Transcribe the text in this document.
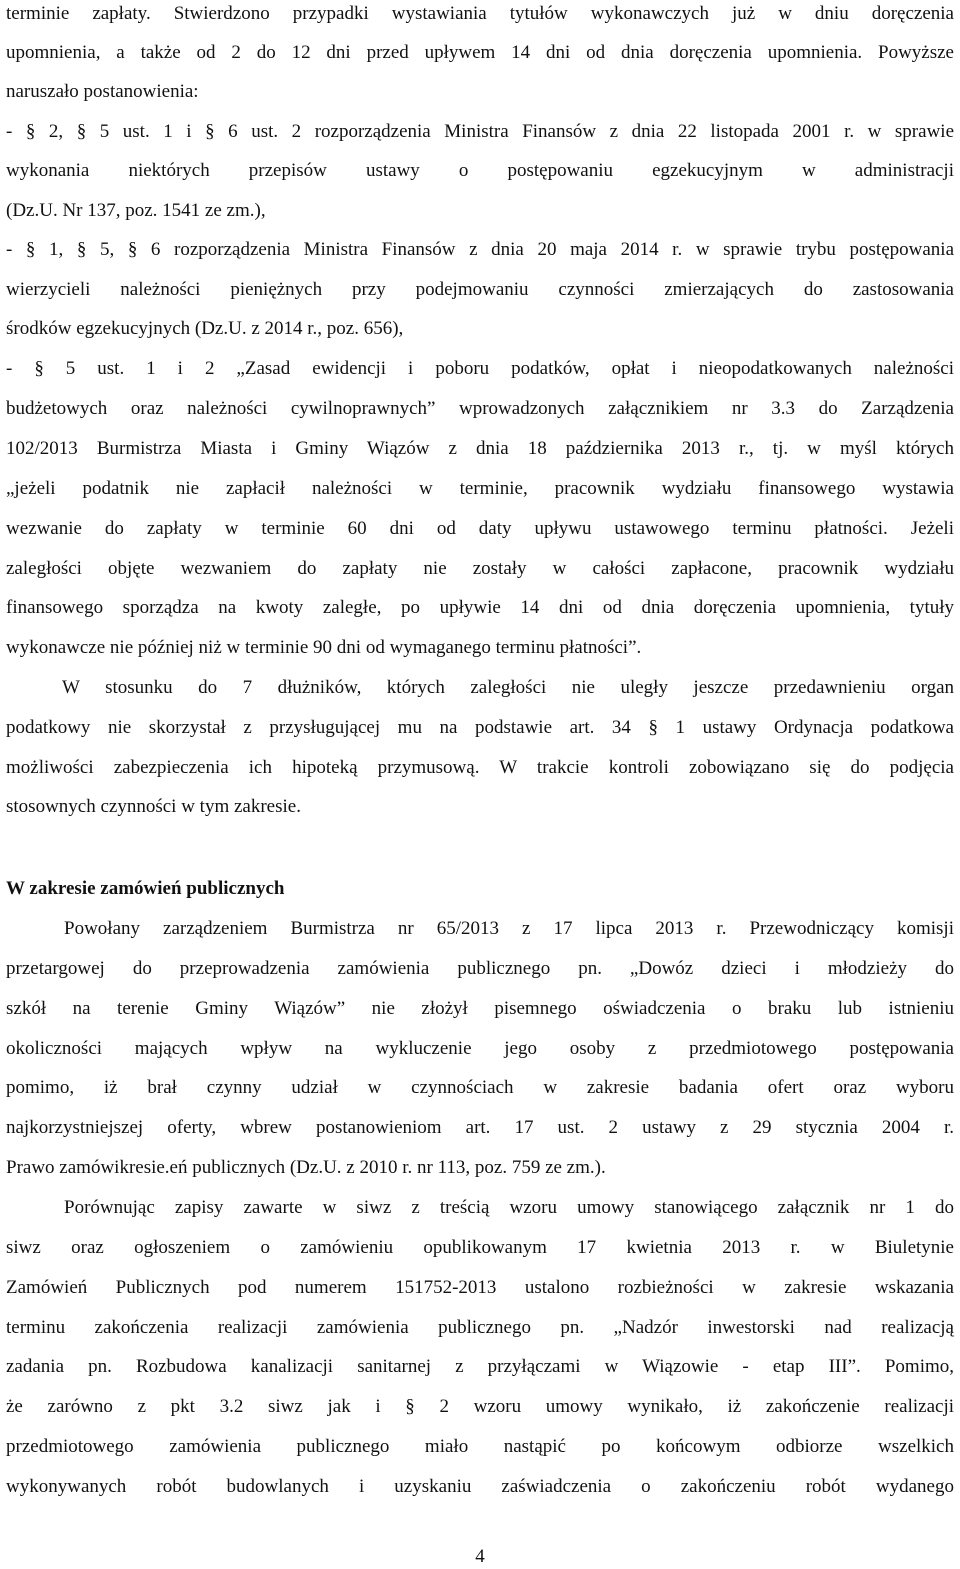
terminie zapłaty. Stwierdzono przypadki wystawiania tytułów wykonawczych już w dniu doręczenia
upomnienia, a także od 2 do 12 dni przed upływem 14 dni od dnia doręczenia upomnienia. Powyższe
naruszało postanowienia:
- § 2, § 5 ust. 1 i § 6 ust. 2 rozporządzenia Ministra Finansów z dnia 22 listopada 2001 r. w sprawie
wykonania niektórych przepisów ustawy o postępowaniu egzekucyjnym w administracji
(Dz.U. Nr 137, poz. 1541 ze zm.),
- § 1, § 5, § 6 rozporządzenia Ministra Finansów z dnia 20 maja 2014 r. w sprawie trybu postępowania
wierzycieli należności pieniężnych przy podejmowaniu czynności zmierzających do zastosowania
środków egzekucyjnych (Dz.U. z 2014 r., poz. 656),
- § 5 ust. 1 i 2 „Zasad ewidencji i poboru podatków, opłat i nieopodatkowanych należności
budżetowych oraz należności cywilnoprawnych” wprowadzonych załącznikiem nr 3.3 do Zarządzenia
102/2013 Burmistrza Miasta i Gminy Wiązów z dnia 18 października 2013 r., tj. w myśl których
„jeżeli podatnik nie zapłacił należności w terminie, pracownik wydziału finansowego wystawia
wezwanie do zapłaty w terminie 60 dni od daty upływu ustawowego terminu płatności. Jeżeli
zaległości objęte wezwaniem do zapłaty nie zostały w całości zapłacone, pracownik wydziału
finansowego sporządza na kwoty zaległe, po upływie 14 dni od dnia doręczenia upomnienia, tytuły
wykonawcze nie później niż w terminie 90 dni od wymaganego terminu płatności”.
W stosunku do 7 dłużników, których zaległości nie uległy jeszcze przedawnieniu organ
podatkowy nie skorzystał z przysługującej mu na podstawie art. 34 § 1 ustawy Ordynacja podatkowa
możliwości zabezpieczenia ich hipoteką przymusową. W trakcie kontroli zobowiązano się do podjęcia
stosownych czynności w tym zakresie.
W zakresie zamówień publicznych
Powołany zarządzeniem Burmistrza nr 65/2013 z 17 lipca 2013 r. Przewodniczący komisji
przetargowej do przeprowadzenia zamówienia publicznego pn. „Dowóz dzieci i młodzieży do
szkół na terenie Gminy Wiązów” nie złożył pisemnego oświadczenia o braku lub istnieniu
okoliczności mających wpływ na wykluczenie jego osoby z przedmiotowego postępowania
pomimo, iż brał czynny udział w czynnościach w zakresie badania ofert oraz wyboru
najkorzystniejszej oferty, wbrew postanowieniom art. 17 ust. 2 ustawy z 29 stycznia 2004 r.
Prawo zamówikresie.eń publicznych (Dz.U. z 2010 r. nr 113, poz. 759 ze zm.).
Porównując zapisy zawarte w siwz z treścią wzoru umowy stanowiącego załącznik nr 1 do
siwz oraz ogłoszeniem o zamówieniu opublikowanym 17 kwietnia 2013 r. w Biuletynie
Zamówień Publicznych pod numerem 151752-2013 ustalono rozbieżności w zakresie wskazania
terminu zakończenia realizacji zamówienia publicznego pn. „Nadzór inwestorski nad realizacją
zadania pn. Rozbudowa kanalizacji sanitarnej z przyłączami w Wiązowie - etap III”. Pomimo,
że zarówno z pkt 3.2 siwz jak i § 2 wzoru umowy wynikało, iż zakończenie realizacji
przedmiotowego zamówienia publicznego miało nastąpić po końcowym odbiorze wszelkich
wykonywanych robót budowlanych i uzyskaniu zaświadczenia o zakończeniu robót wydanego
4
